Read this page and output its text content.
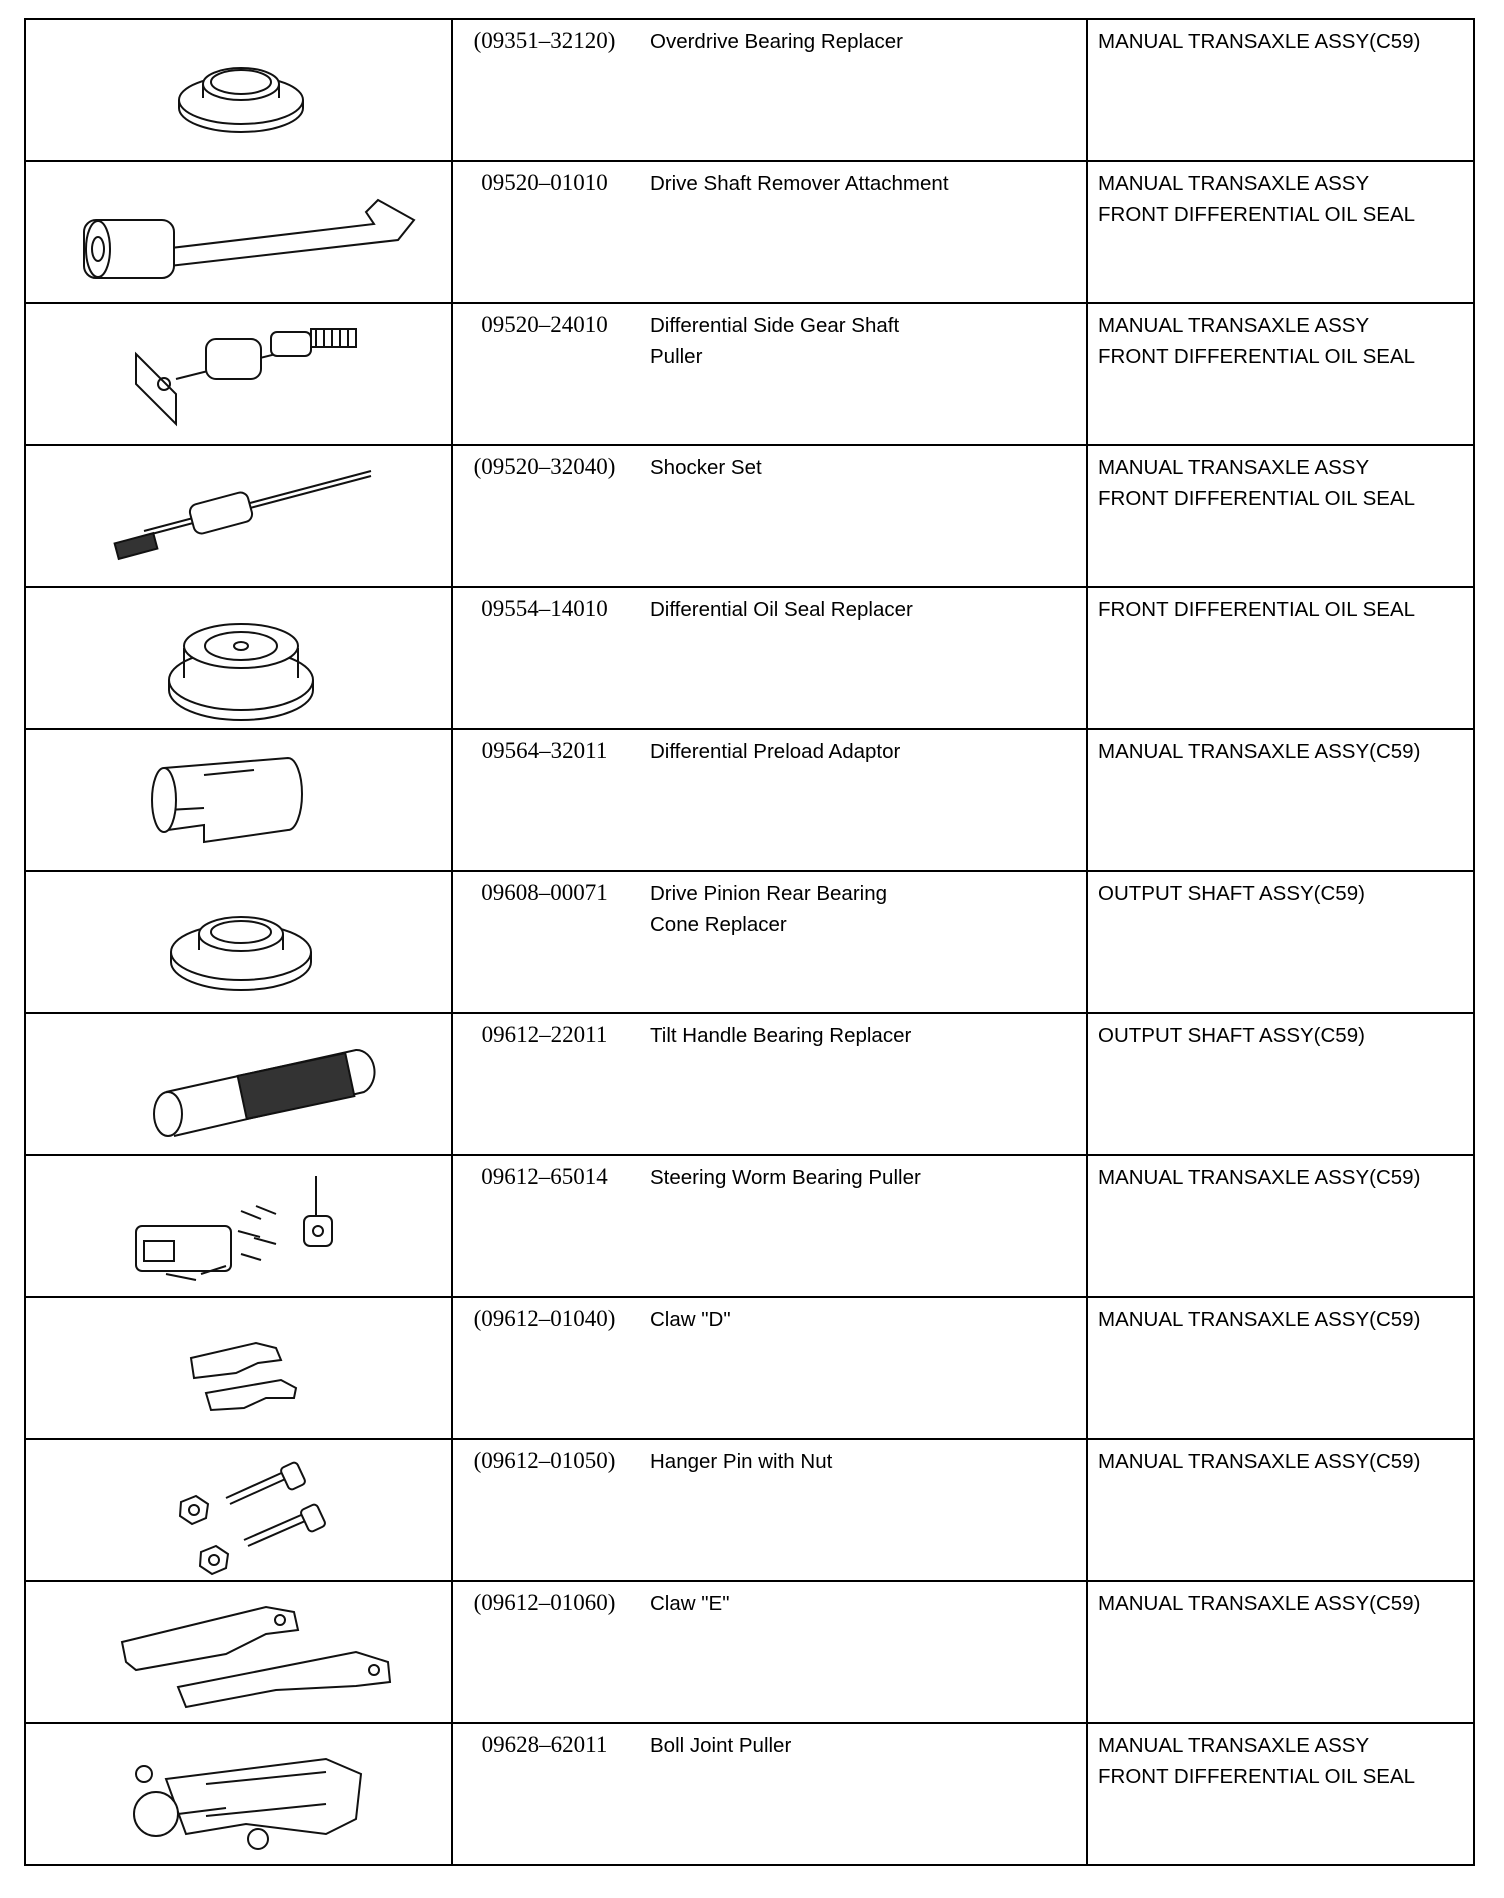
(09351–32120)	Overdrive Bearing Replacer	MANUAL TRANSAXLE ASSY(C59)

09520–01010	Drive Shaft Remover Attachment	MANUAL TRANSAXLE ASSY
FRONT DIFFERENTIAL OIL SEAL

09520–24010	Differential Side Gear Shaft
Puller	MANUAL TRANSAXLE ASSY
FRONT DIFFERENTIAL OIL SEAL

(09520–32040)	Shocker Set	MANUAL TRANSAXLE ASSY
FRONT DIFFERENTIAL OIL SEAL

09554–14010	Differential Oil Seal Replacer	FRONT DIFFERENTIAL OIL SEAL

09564–32011	Differential Preload Adaptor	MANUAL TRANSAXLE ASSY(C59)

09608–00071	Drive Pinion Rear Bearing
Cone Replacer	OUTPUT SHAFT ASSY(C59)

09612–22011	Tilt Handle Bearing Replacer	OUTPUT SHAFT ASSY(C59)

09612–65014	Steering Worm Bearing Puller	MANUAL TRANSAXLE ASSY(C59)

(09612–01040)	Claw "D"	MANUAL TRANSAXLE ASSY(C59)

(09612–01050)	Hanger Pin with Nut	MANUAL TRANSAXLE ASSY(C59)

(09612–01060)	Claw "E"	MANUAL TRANSAXLE ASSY(C59)

09628–62011	Boll Joint Puller	MANUAL TRANSAXLE ASSY
FRONT DIFFERENTIAL OIL SEAL
